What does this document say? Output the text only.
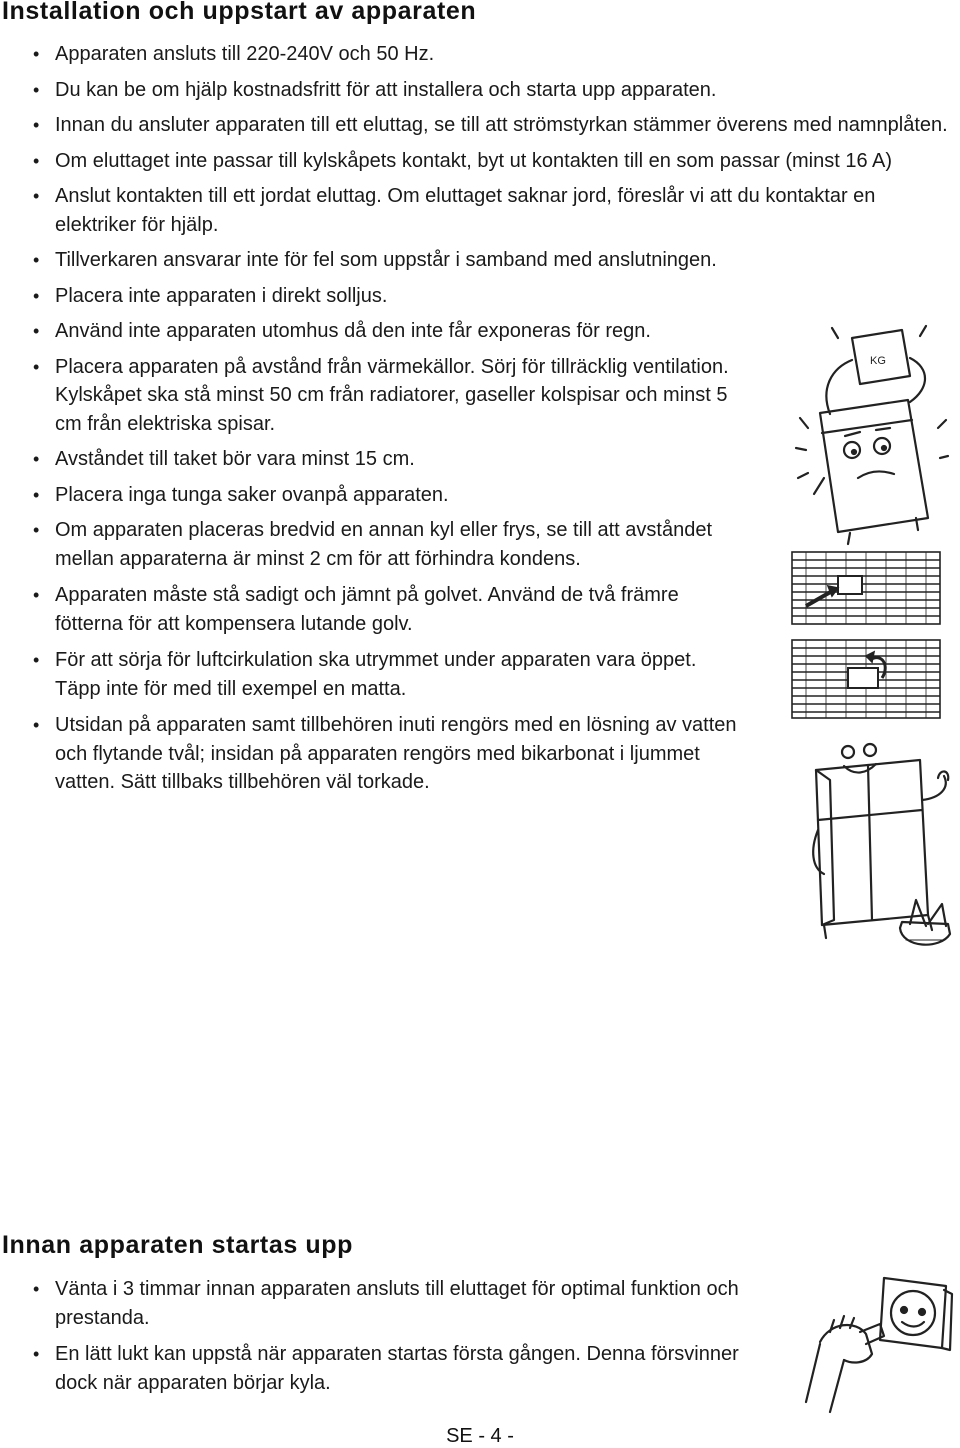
Installation och uppstart av apparaten
• Apparaten ansluts till 220-240V och 50 Hz.
• Du kan be om hjälp kostnadsfritt för att installera och starta upp apparaten.
• Innan du ansluter apparaten till ett eluttag, se till att strömstyrkan stämmer överens med namnplåten.
• Om eluttaget inte passar till kylskåpets kontakt, byt ut kontakten till en som passar (minst 16 A)
• Anslut kontakten till ett jordat eluttag. Om eluttaget saknar jord, föreslår vi att du kontaktar en elektriker för hjälp.
• Tillverkaren ansvarar inte för fel som uppstår i samband med anslutningen.
• Placera inte apparaten i direkt solljus.
• Använd inte apparaten utomhus då den inte får exponeras för regn.
• Placera apparaten på avstånd från värmekällor. Sörj för tillräcklig ventilation. Kylskåpet ska stå minst 50 cm från radiatorer, gaseller kolspisar och minst 5 cm från elektriska spisar.
• Avståndet till taket bör vara minst 15 cm.
• Placera inga tunga saker ovanpå apparaten.
• Om apparaten placeras bredvid en annan kyl eller frys, se till att avståndet mellan apparaterna är minst 2 cm för att förhindra kondens.
• Apparaten måste stå sadigt och jämnt på golvet. Använd de två främre fötterna för att kompensera lutande golv.
• För att sörja för luftcirkulation ska utrymmet under apparaten vara öppet. Täpp inte för med till exempel en matta.
• Utsidan på apparaten samt tillbehören inuti rengörs med en lösning av vatten och flytande tvål; insidan på apparaten rengörs med bikarbonat i ljummet vatten. Sätt tillbaks tillbehören väl torkade.
KG
Innan apparaten startas upp
• Vänta i 3 timmar innan apparaten ansluts till eluttaget för optimal funktion och prestanda.
• En lätt lukt kan uppstå när apparaten startas första gången. Denna försvinner dock när apparaten börjar kyla.
SE - 4 -
